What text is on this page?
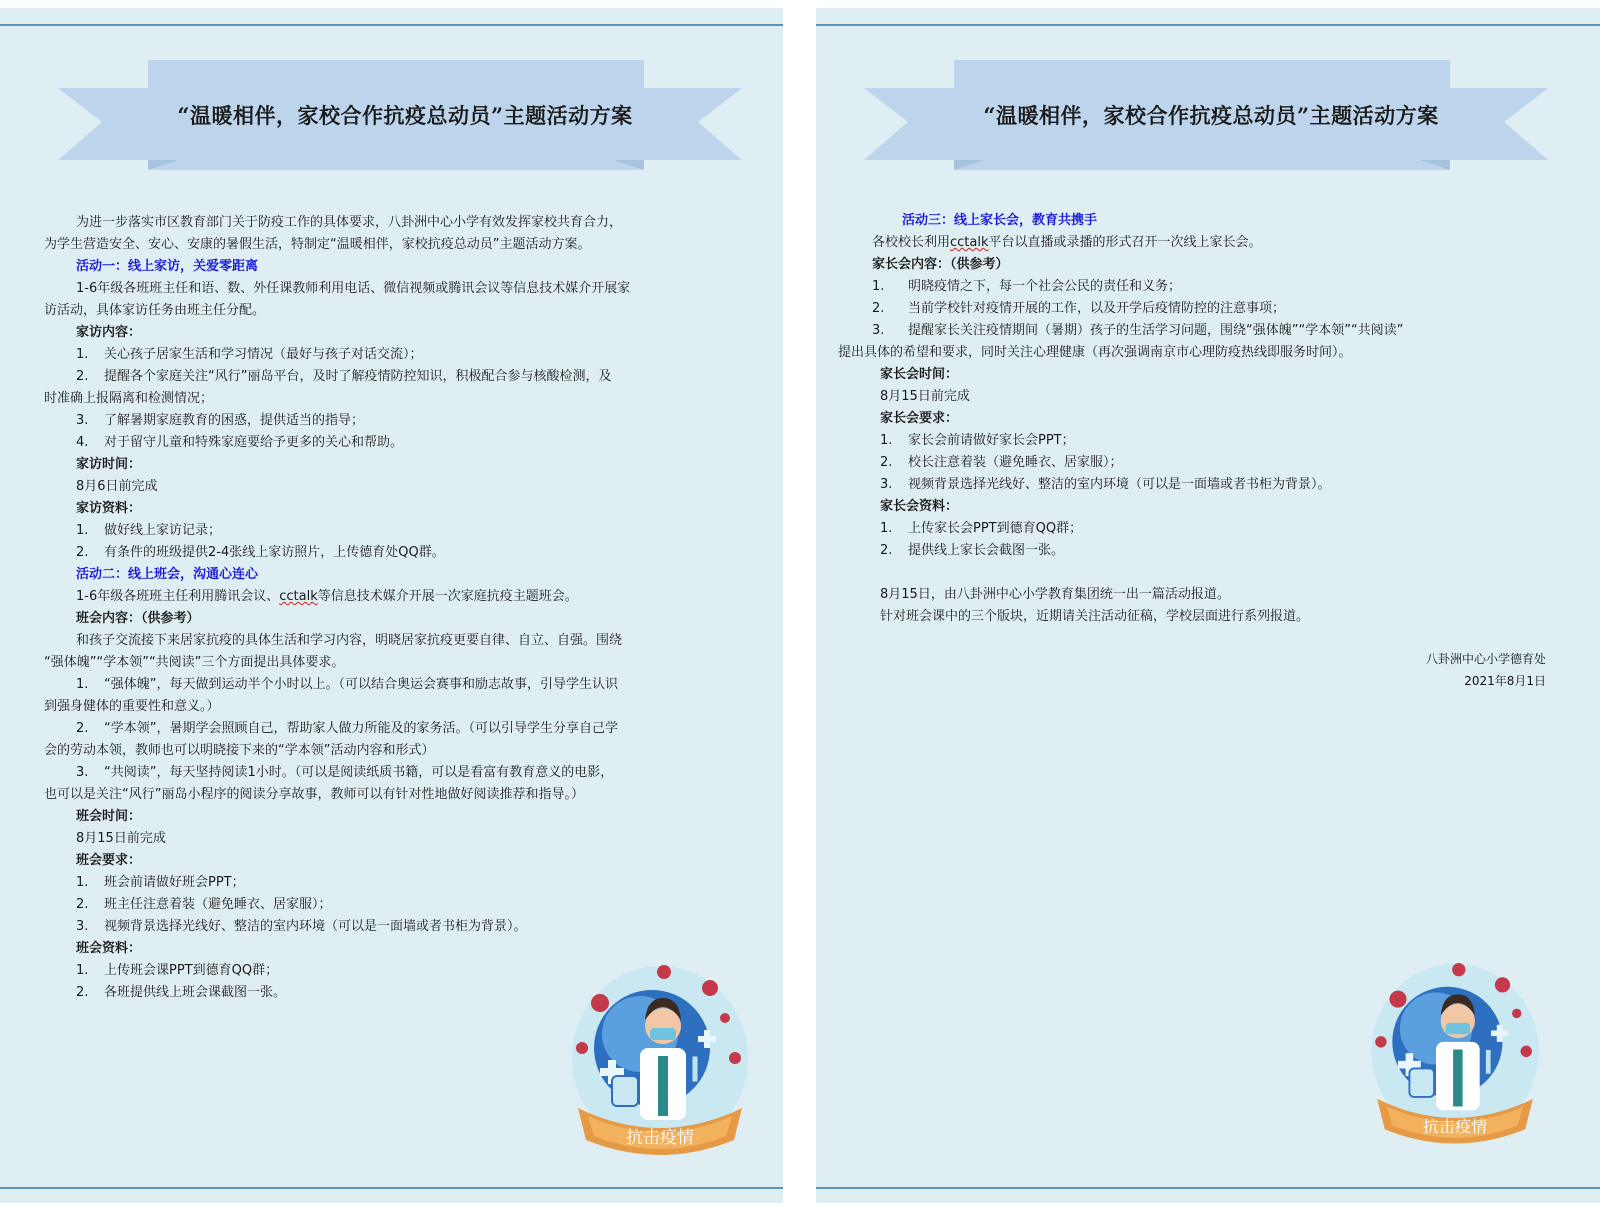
“温暖相伴，家校合作抗疫总动员”主题活动方案
为进一步落实市区教育部门关于防疫工作的具体要求，八卦洲中心小学有效发挥家校共育合力，
为学生营造安全、安心、安康的暑假生活，特制定“温暖相伴，家校抗疫总动员”主题活动方案。
活动一：线上家访，关爱零距离
1-6年级各班班主任和语、数、外任课教师利用电话、微信视频或腾讯会议等信息技术媒介开展家
访活动，具体家访任务由班主任分配。
家访内容：
1. 关心孩子居家生活和学习情况（最好与孩子对话交流）；
2. 提醒各个家庭关注“风行”丽岛平台，及时了解疫情防控知识，积极配合参与核酸检测，及
时准确上报隔离和检测情况；
3. 了解暑期家庭教育的困惑，提供适当的指导；
4. 对于留守儿童和特殊家庭要给予更多的关心和帮助。
家访时间：
8月6日前完成
家访资料：
1. 做好线上家访记录；
2. 有条件的班级提供2-4张线上家访照片，上传德育处QQ群。
活动二：线上班会，沟通心连心
1-6年级各班班主任利用腾讯会议、cctalk等信息技术媒介开展一次家庭抗疫主题班会。
班会内容：（供参考）
和孩子交流接下来居家抗疫的具体生活和学习内容，明晓居家抗疫更要自律、自立、自强。围绕
“强体魄”“学本领”“共阅读”三个方面提出具体要求。
1. “强体魄”，每天做到运动半个小时以上。（可以结合奥运会赛事和励志故事，引导学生认识
到强身健体的重要性和意义。）
2. “学本领”，暑期学会照顾自己，帮助家人做力所能及的家务活。（可以引导学生分享自己学
会的劳动本领，教师也可以明晓接下来的“学本领”活动内容和形式）
3. “共阅读”，每天坚持阅读1小时。（可以是阅读纸质书籍，可以是看富有教育意义的电影，
也可以是关注“风行”丽岛小程序的阅读分享故事，教师可以有针对性地做好阅读推荐和指导。）
班会时间：
8月15日前完成
班会要求：
1. 班会前请做好班会PPT；
2. 班主任注意着装（避免睡衣、居家服）；
3. 视频背景选择光线好、整洁的室内环境（可以是一面墙或者书柜为背景）。
班会资料：
1. 上传班会课PPT到德育QQ群；
2. 各班提供线上班会课截图一张。
抗击疫情
“温暖相伴，家校合作抗疫总动员”主题活动方案
活动三：线上家长会，教育共携手
各校校长利用cctalk平台以直播或录播的形式召开一次线上家长会。
家长会内容：（供参考）
1. 明晓疫情之下，每一个社会公民的责任和义务；
2. 当前学校针对疫情开展的工作，以及开学后疫情防控的注意事项；
3. 提醒家长关注疫情期间（暑期）孩子的生活学习问题，围绕“强体魄”“学本领”“共阅读”
提出具体的希望和要求，同时关注心理健康（再次强调南京市心理防疫热线即服务时间）。
家长会时间：
8月15日前完成
家长会要求：
1. 家长会前请做好家长会PPT；
2. 校长注意着装（避免睡衣、居家服）；
3. 视频背景选择光线好、整洁的室内环境（可以是一面墙或者书柜为背景）。
家长会资料：
1. 上传家长会PPT到德育QQ群；
2. 提供线上家长会截图一张。
8月15日，由八卦洲中心小学教育集团统一出一篇活动报道。
针对班会课中的三个版块，近期请关注活动征稿，学校层面进行系列报道。
八卦洲中心小学德育处
2021年8月1日
抗击疫情
